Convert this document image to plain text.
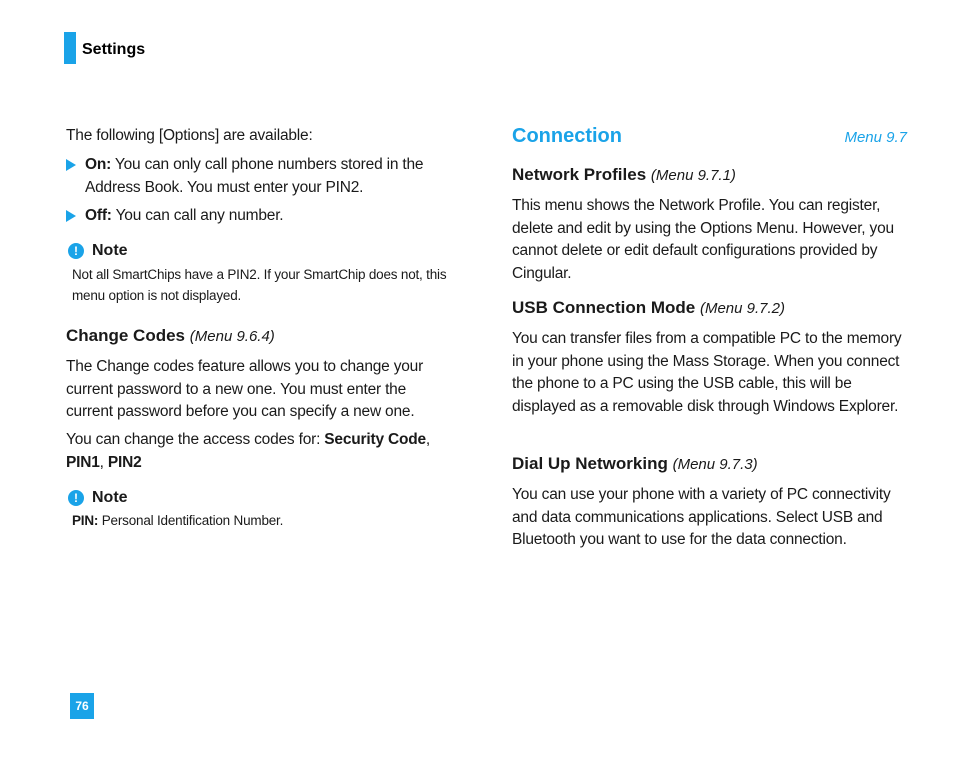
Settings

The following [Options] are available:

On: You can only call phone numbers stored in the Address Book. You must enter your PIN2.

Off: You can call any number.

! Note
Not all SmartChips have a PIN2. If your SmartChip does not, this menu option is not displayed.
Change Codes (Menu 9.6.4)

The Change codes feature allows you to change your current password to a new one. You must enter the current password before you can specify a new one.

You can change the access codes for: Security Code, PIN1, PIN2

! Note
PIN: Personal Identification Number.
Connection	Menu 9.7
Network Profiles (Menu 9.7.1)

This menu shows the Network Profile. You can register, delete and edit by using the Options Menu. However, you cannot delete or edit default configurations provided by Cingular.

USB Connection Mode (Menu 9.7.2)

You can transfer files from a compatible PC to the memory in your phone using the Mass Storage. When you connect the phone to a PC using the USB cable, this will be displayed as a removable disk through Windows Explorer.

Dial Up Networking (Menu 9.7.3)

You can use your phone with a variety of PC connectivity and data communications applications. Select USB and Bluetooth you want to use for the data connection.

76
